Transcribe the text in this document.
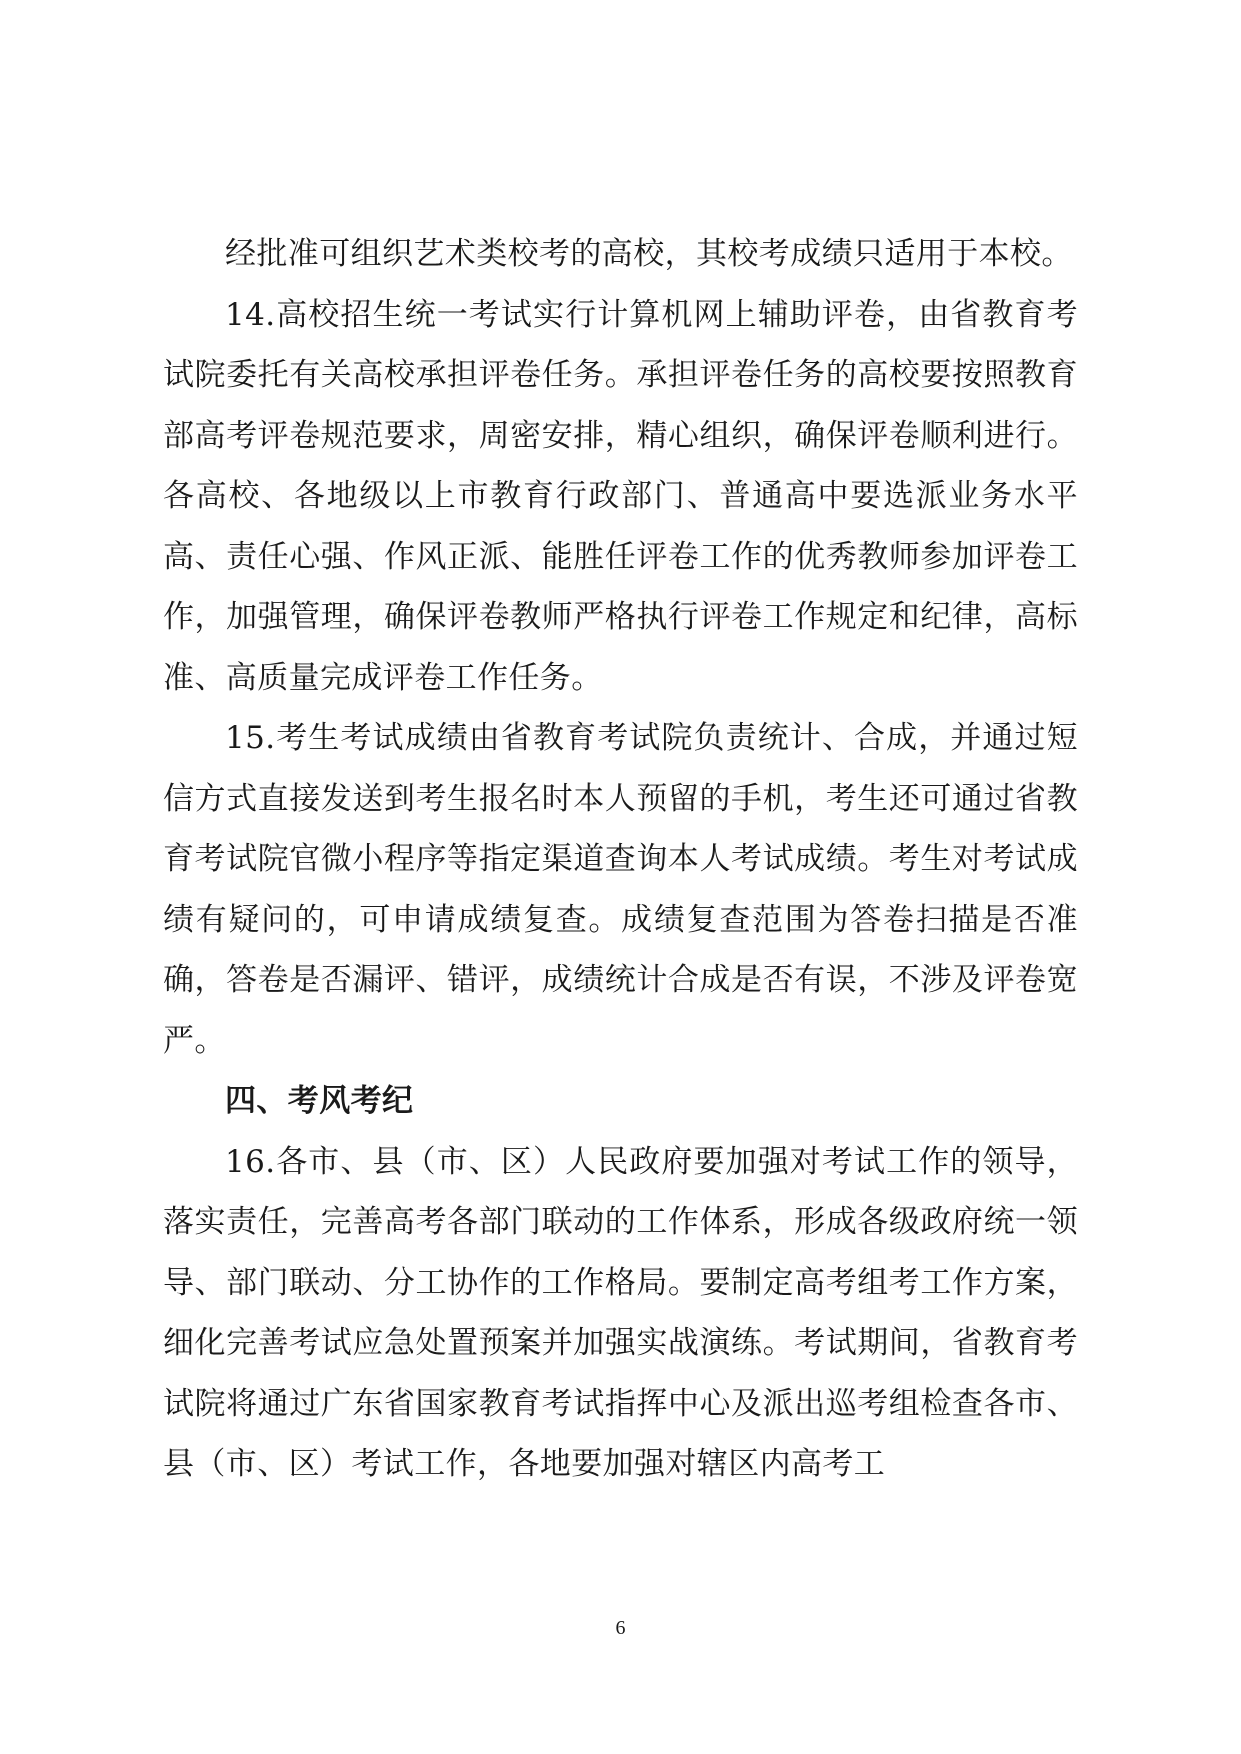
经批准可组织艺术类校考的高校，其校考成绩只适用于本校。

14.高校招生统一考试实行计算机网上辅助评卷，由省教育考试院委托有关高校承担评卷任务。承担评卷任务的高校要按照教育部高考评卷规范要求，周密安排，精心组织，确保评卷顺利进行。各高校、各地级以上市教育行政部门、普通高中要选派业务水平高、责任心强、作风正派、能胜任评卷工作的优秀教师参加评卷工作，加强管理，确保评卷教师严格执行评卷工作规定和纪律，高标准、高质量完成评卷工作任务。

15.考生考试成绩由省教育考试院负责统计、合成，并通过短信方式直接发送到考生报名时本人预留的手机，考生还可通过省教育考试院官微小程序等指定渠道查询本人考试成绩。考生对考试成绩有疑问的，可申请成绩复查。成绩复查范围为答卷扫描是否准确，答卷是否漏评、错评，成绩统计合成是否有误，不涉及评卷宽严。

四、考风考纪

16.各市、县（市、区）人民政府要加强对考试工作的领导，落实责任，完善高考各部门联动的工作体系，形成各级政府统一领导、部门联动、分工协作的工作格局。要制定高考组考工作方案，细化完善考试应急处置预案并加强实战演练。考试期间，省教育考试院将通过广东省国家教育考试指挥中心及派出巡考组检查各市、县（市、区）考试工作，各地要加强对辖区内高考工

6
